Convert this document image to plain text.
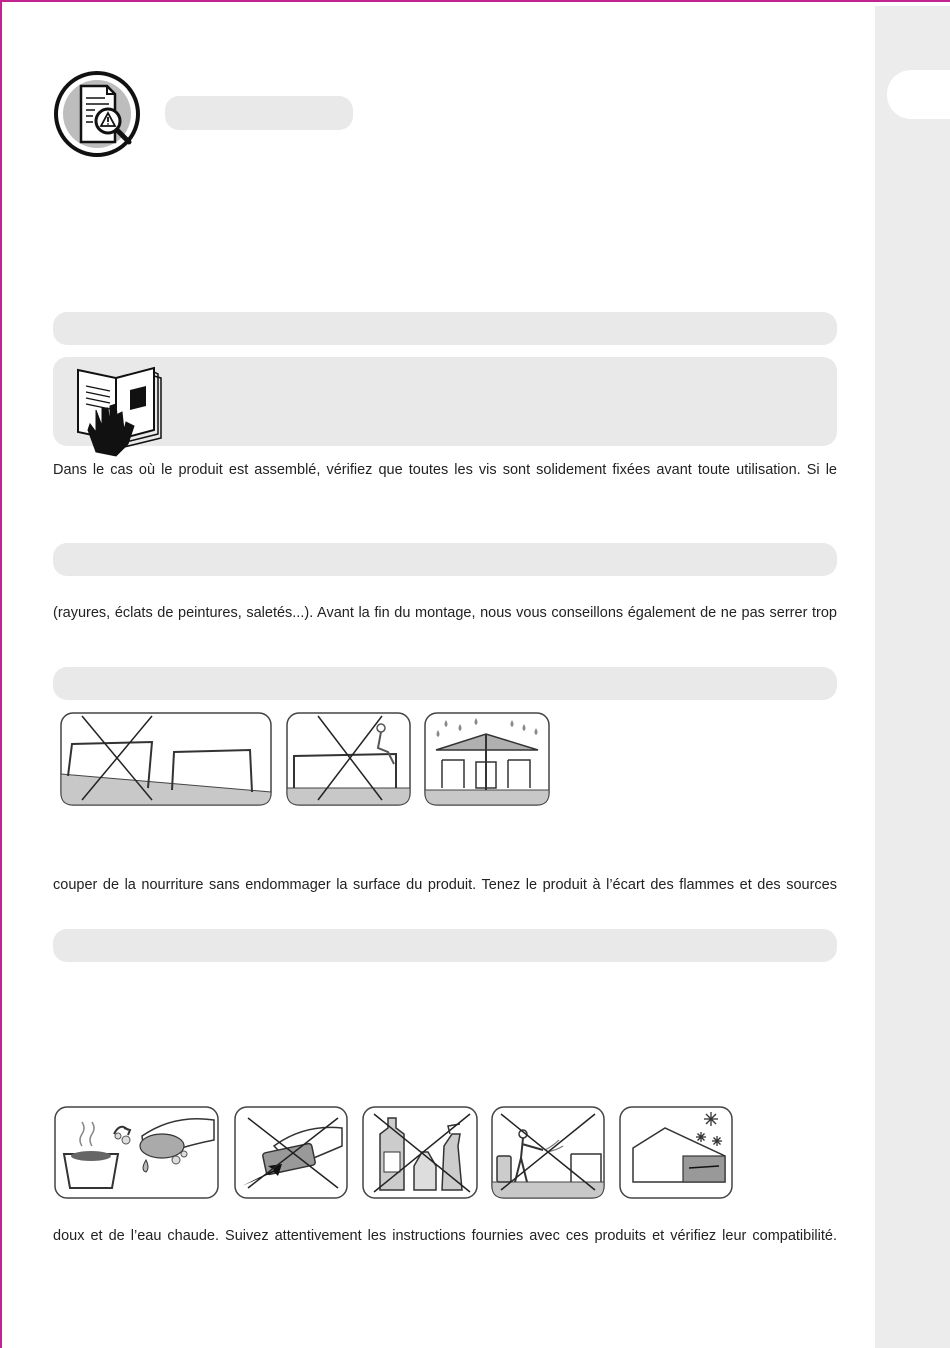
Dans le cas où le produit est assemblé, vérifiez que toutes les vis sont solidement fixées avant toute utilisation. Si le
(rayures, éclats de peintures, saletés...). Avant la fin du montage, nous vous conseillons également de ne pas serrer trop
couper de la nourriture sans endommager la surface du produit. Tenez le produit à l’écart des flammes et des sources
doux et de l’eau chaude. Suivez attentivement les instructions fournies avec ces produits et vérifiez leur compatibilité.
